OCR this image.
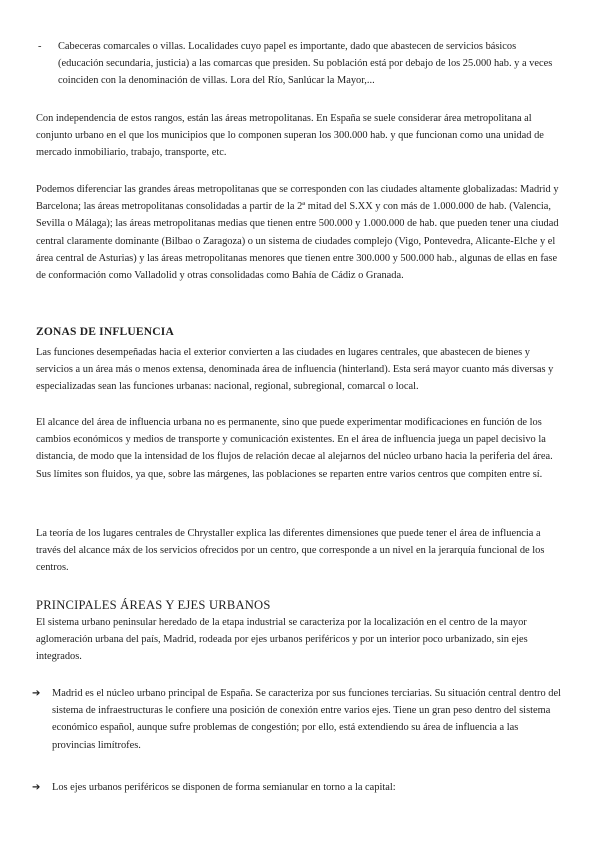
- Cabeceras comarcales o villas. Localidades cuyo papel es importante, dado que abastecen de servicios básicos (educación secundaria, justicia) a las comarcas que presiden. Su población está por debajo de los 25.000 hab. y a veces coinciden con la denominación de villas. Lora del Río, Sanlúcar la Mayor,...

Con independencia de estos rangos, están las áreas metropolitanas. En España se suele considerar área metropolitana al conjunto urbano en el que los municipios que lo componen superan los 300.000 hab. y que funcionan como una unidad de mercado inmobiliario, trabajo, transporte, etc.

Podemos diferenciar las grandes áreas metropolitanas que se corresponden con las ciudades altamente globalizadas: Madrid y Barcelona; las áreas metropolitanas consolidadas a partir de la 2ª mitad del S.XX y con más de 1.000.000 de hab. (Valencia, Sevilla o Málaga); las áreas metropolitanas medias que tienen entre 500.000 y 1.000.000 de hab. que pueden tener una ciudad central claramente dominante (Bilbao o Zaragoza) o un sistema de ciudades complejo (Vigo, Pontevedra, Alicante-Elche y el área central de Asturias) y las áreas metropolitanas menores que tienen entre 300.000 y 500.000 hab., algunas de ellas en fase de conformación como Valladolid y otras consolidadas como Bahía de Cádiz o Granada.

ZONAS DE INFLUENCIA

Las funciones desempeñadas hacia el exterior convierten a las ciudades en lugares centrales, que abastecen de bienes y servicios a un área más o menos extensa, denominada área de influencia (hinterland). Esta será mayor cuanto más diversas y especializadas sean las funciones urbanas: nacional, regional, subregional, comarcal o local.

El alcance del área de influencia urbana no es permanente, sino que puede experimentar modificaciones en función de los cambios económicos y medios de transporte y comunicación existentes. En el área de influencia juega un papel decisivo la distancia, de modo que la intensidad de los flujos de relación decae al alejarnos del núcleo urbano hacia la periferia del área. Sus límites son fluidos, ya que, sobre las márgenes, las poblaciones se reparten entre varios centros que compiten entre sí.

La teoría de los lugares centrales de Chrystaller explica las diferentes dimensiones que puede tener el área de influencia a través del alcance máx de los servicios ofrecidos por un centro, que corresponde a un nivel en la jerarquía funcional de los centros.

PRINCIPALES ÁREAS Y EJES URBANOS

El sistema urbano peninsular heredado de la etapa industrial se caracteriza por la localización en el centro de la mayor aglomeración urbana del país, Madrid, rodeada por ejes urbanos periféricos y por un interior poco urbanizado, sin ejes integrados.

➔ Madrid es el núcleo urbano principal de España. Se caracteriza por sus funciones terciarias. Su situación central dentro del sistema de infraestructuras le confiere una posición de conexión entre varios ejes. Tiene un gran peso dentro del sistema económico español, aunque sufre problemas de congestión; por ello, está extendiendo su área de influencia a las provincias limítrofes.
➔ Los ejes urbanos periféricos se disponen de forma semianular en torno a la capital:
